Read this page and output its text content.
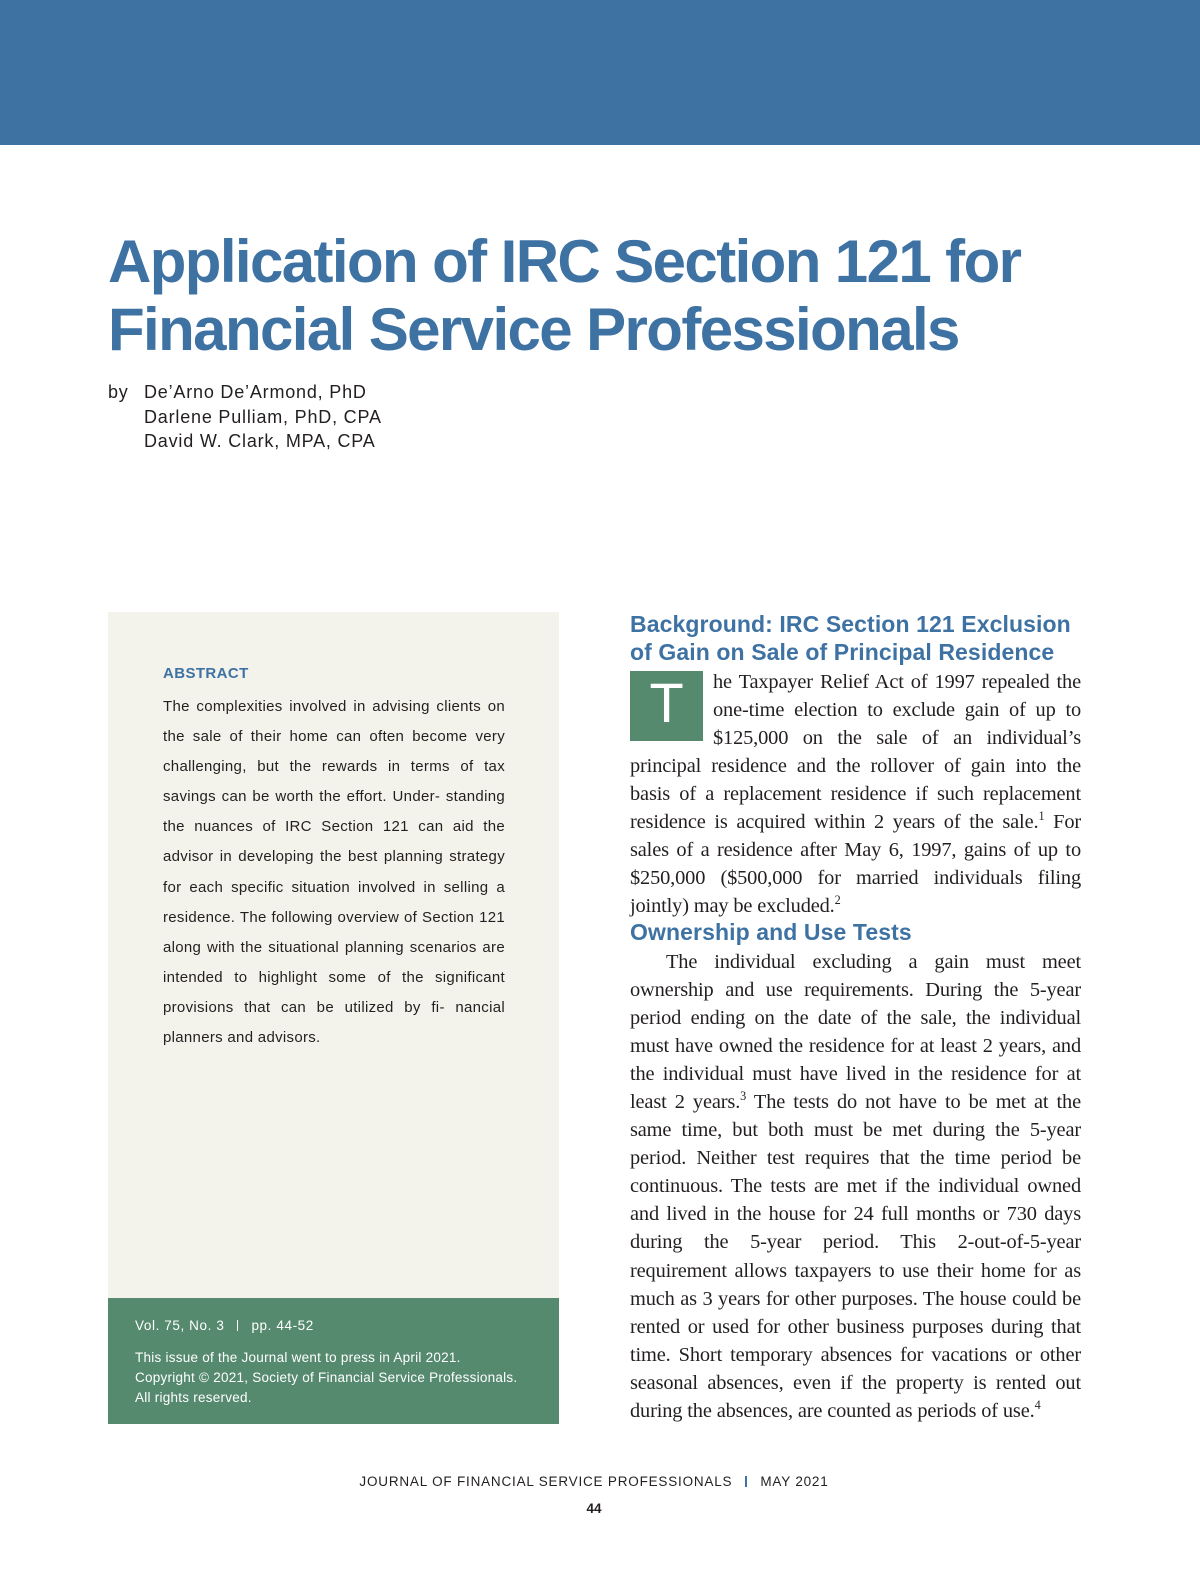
Application of IRC Section 121 for
Financial Service Professionals
by De’Arno De’Armond, PhD
Darlene Pulliam, PhD, CPA
David W. Clark, MPA, CPA
ABSTRACT

The complexities involved in advising clients on the sale of their home can often become very challenging, but the rewards in terms of tax savings can be worth the effort. Under- standing the nuances of IRC Section 121 can aid the advisor in developing the best planning strategy for each specific situation involved in selling a residence. The following overview of Section 121 along with the situational planning scenarios are intended to highlight some of the significant provisions that can be utilized by fi- nancial planners and advisors.

Vol. 75, No. 3 pp. 44-52

This issue of the Journal went to press in April 2021.
Copyright © 2021, Society of Financial Service Professionals.
All rights reserved.

Background: IRC Section 121 Exclusion
of Gain on Sale of Principal Residence

T	he Taxpayer Relief Act of 1997 repealed the one-time election to exclude gain of up to $125,000 on the sale of an individual’s principal residence and the rollover of gain into the basis of a replacement residence if such replacement residence is acquired within 2 years of the sale.$^1$ For sales of a residence after May 6, 1997, gains of up to $250,000 ($500,000 for married individuals filing jointly) may be excluded.$^2$

Ownership and Use Tests

The individual excluding a gain must meet ownership and use requirements. During the 5-year period ending on the date of the sale, the individual must have owned the residence for at least 2 years, and the individual must have lived in the residence for at least 2 years.$^3$ The tests do not have to be met at the same time, but both must be met during the 5-year period. Neither test requires that the time period be continuous. The tests are met if the individual owned and lived in the house for 24 full months or 730 days during the 5-year period. This 2-out-of-5-year requirement allows taxpayers to use their home for as much as 3 years for other purposes. The house could be rented or used for other business purposes during that time. Short temporary absences for vacations or other seasonal absences, even if the property is rented out during the absences, are counted as periods of use.$^4$

JOURNAL OF FINANCIAL SERVICE PROFESSIONALS MAY 2021
44
